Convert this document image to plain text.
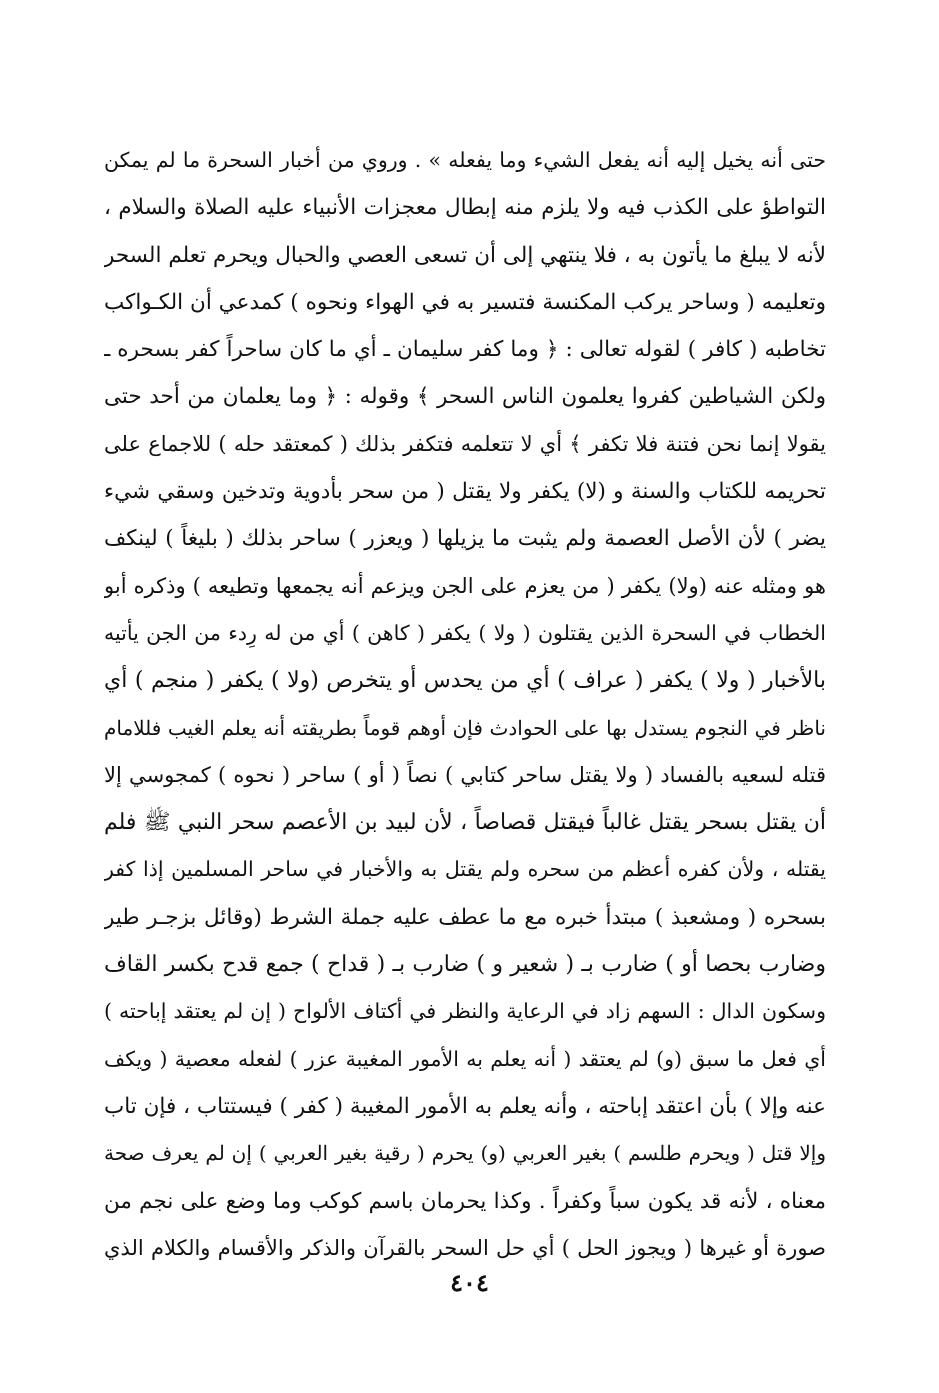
حتى أنه يخيل إليه أنه يفعل الشيء وما يفعله » . وروي من أخبار السحرة ما لم يمكن
التواطؤ على الكذب فيه ولا يلزم منه إبطال معجزات الأنبياء عليه الصلاة والسلام ،
لأنه لا يبلغ ما يأتون به ، فلا ينتهي إلى أن تسعى العصي والحبال ويحرم تعلم السحر
وتعليمه ( وساحر يركب المكنسة فتسير به في الهواء ونحوه ) كمدعي أن الكـواكب
تخاطبه ( كافر ) لقوله تعالى : ﴿ وما كفر سليمان ـ أي ما كان ساحراً كفر بسحره ـ
ولكن الشياطين كفروا يعلمون الناس السحر ﴾ وقوله : ﴿ وما يعلمان من أحد حتى
يقولا إنما نحن فتنة فلا تكفر ﴾ أي لا تتعلمه فتكفر بذلك ( كمعتقد حله ) للاجماع على
تحريمه للكتاب والسنة و (لا) يكفر ولا يقتل ( من سحر بأدوية وتدخين وسقي شيء
يضر ) لأن الأصل العصمة ولم يثبت ما يزيلها ( ويعزر ) ساحر بذلك ( بليغاً ) لينكف
هو ومثله عنه (ولا) يكفر ( من يعزم على الجن ويزعم أنه يجمعها وتطيعه ) وذكره أبو
الخطاب في السحرة الذين يقتلون ( ولا ) يكفر ( كاهن ) أي من له رِدء من الجن يأتيه
بالأخبار ( ولا ) يكفر ( عراف ) أي من يحدس أو يتخرص (ولا ) يكفر ( منجم ) أي
ناظر في النجوم يستدل بها على الحوادث فإن أوهم قوماً بطريقته أنه يعلم الغيب فللامام
قتله لسعيه بالفساد ( ولا يقتل ساحر كتابي ) نصاً ( أو ) ساحر ( نحوه ) كمجوسي إلا
أن يقتل بسحر يقتل غالباً فيقتل قصاصاً ، لأن لبيد بن الأعصم سحر النبي ﷺ فلم
يقتله ، ولأن كفره أعظم من سحره ولم يقتل به والأخبار في ساحر المسلمين إذا كفر
بسحره ( ومشعبذ ) مبتدأ خبره مع ما عطف عليه جملة الشرط (وقائل بزجـر طير
وضارب بحصا أو ) ضارب بـ ( شعير و ) ضارب بـ ( قداح ) جمع قدح بكسر القاف
وسكون الدال : السهم زاد في الرعاية والنظر في أكتاف الألواح ( إن لم يعتقد إباحته )
أي فعل ما سبق (و) لم يعتقد ( أنه يعلم به الأمور المغيبة عزر ) لفعله معصية ( ويكف
عنه وإلا ) بأن اعتقد إباحته ، وأنه يعلم به الأمور المغيبة ( كفر ) فيستتاب ، فإن تاب
وإلا قتل ( ويحرم طلسم ) بغير العربي (و) يحرم ( رقية بغير العربي ) إن لم يعرف صحة
معناه ، لأنه قد يكون سباً وكفراً . وكذا يحرمان باسم كوكب وما وضع على نجم من
صورة أو غيرها ( ويجوز الحل ) أي حل السحر بالقرآن والذكر والأقسام والكلام الذي
٤٠٤
